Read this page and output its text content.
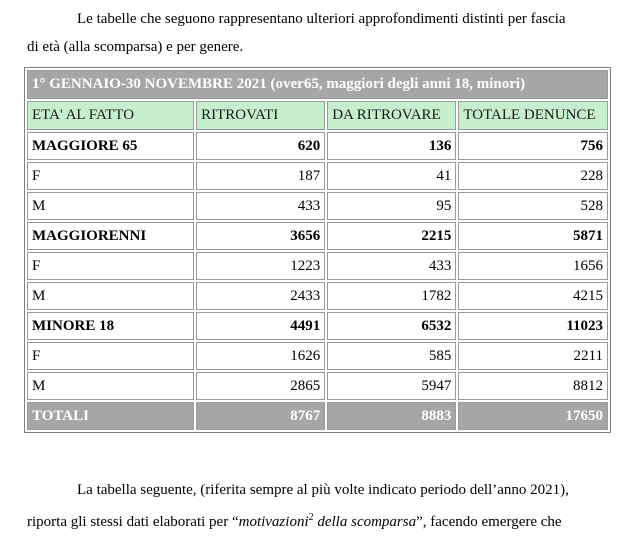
Le tabelle che seguono rappresentano ulteriori approfondimenti distinti per fascia
di età (alla scomparsa) e per genere.

1° GENNAIO-30 NOVEMBRE 2021 (over65, maggiori degli anni 18, minori)			
ETA' AL FATTO	RITROVATI	DA RITROVARE	TOTALE DENUNCE
MAGGIORE 65	620	136	756
F	187	41	228
M	433	95	528
MAGGIORENNI	3656	2215	5871
F	1223	433	1656
M	2433	1782	4215
MINORE 18	4491	6532	11023
F	1626	585	2211
M	2865	5947	8812
TOTALI	8767	8883	17650

La tabella seguente, (riferita sempre al più volte indicato periodo dell’anno 2021),
riporta gli stessi dati elaborati per “motivazioni$^2$ della scomparsa”, facendo emergere che
